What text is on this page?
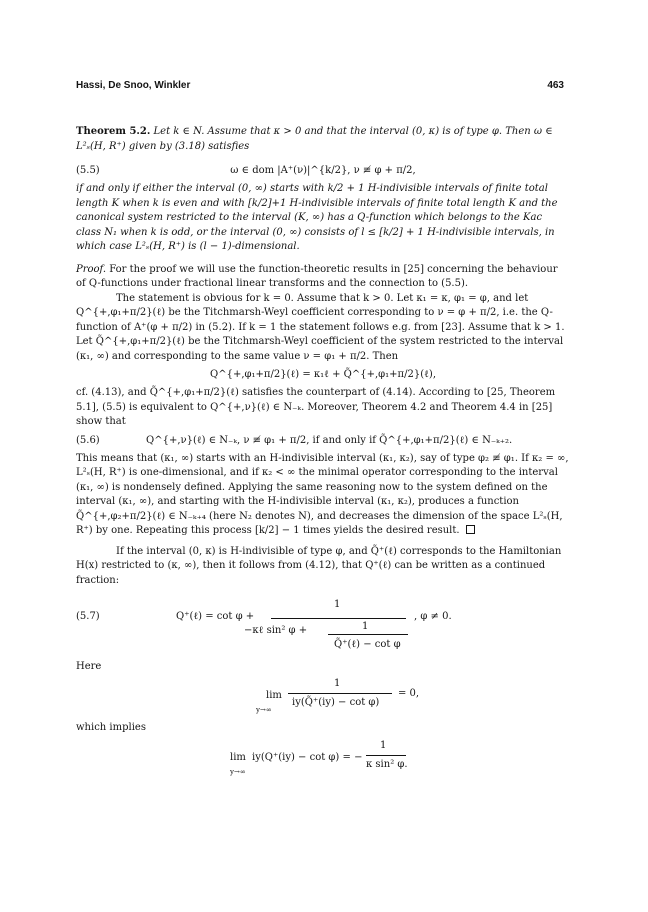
Hassi, De Snoo, Winkler	463

Theorem 5.2. Let k ∈ N. Assume that κ > 0 and that the interval (0, κ) is of type φ. Then ω ∈ L²ₛ(H, R⁺) given by (3.18) satisfies

(5.5)	ω ∈ dom |A⁺(ν)|^{k/2}, ν ≢ φ + π/2,

if and only if either the interval (0, ∞) starts with k/2 + 1 H-indivisible intervals of finite total length K when k is even and with [k/2]+1 H-indivisible intervals of finite total length K and the canonical system restricted to the interval (K, ∞) has a Q-function which belongs to the Kac class N₁ when k is odd, or the interval (0, ∞) consists of l ≤ [k/2] + 1 H-indivisible intervals, in which case L²ₛ(H, R⁺) is (l − 1)-dimensional.

Proof. For the proof we will use the function-theoretic results in [25] concerning the behaviour of Q-functions under fractional linear transforms and the connection to (5.5).

The statement is obvious for k = 0. Assume that k > 0. Let κ₁ = κ, φ₁ = φ, and let Q^{+,φ₁+π/2}(ℓ) be the Titchmarsh-Weyl coefficient corresponding to ν = φ + π/2, i.e. the Q-function of A⁺(φ + π/2) in (5.2). If k = 1 the statement follows e.g. from [23]. Assume that k > 1. Let Q̃^{+,φ₁+π/2}(ℓ) be the Titchmarsh-Weyl coefficient of the system restricted to the interval (κ₁, ∞) and corresponding to the same value ν = φ₁ + π/2. Then

Q^{+,φ₁+π/2}(ℓ) = κ₁ℓ + Q̃^{+,φ₁+π/2}(ℓ),

cf. (4.13), and Q̃^{+,φ₁+π/2}(ℓ) satisfies the counterpart of (4.14). According to [25, Theorem 5.1], (5.5) is equivalent to Q^{+,ν}(ℓ) ∈ N₋ₖ. Moreover, Theorem 4.2 and Theorem 4.4 in [25] show that

(5.6)	Q^{+,ν}(ℓ) ∈ N₋ₖ, ν ≢ φ₁ + π/2, if and only if Q̃^{+,φ₁+π/2}(ℓ) ∈ N₋ₖ₊₂.

This means that (κ₁, ∞) starts with an H-indivisible interval (κ₁, κ₂), say of type φ₂ ≢ φ₁. If κ₂ = ∞, L²ₛ(H, R⁺) is one-dimensional, and if κ₂ < ∞ the minimal operator corresponding to the interval (κ₁, ∞) is nondensely defined. Applying the same reasoning now to the system defined on the interval (κ₁, ∞), and starting with the H-indivisible interval (κ₁, κ₂), produces a function Q̃^{+,φ₂+π/2}(ℓ) ∈ N₋ₖ₊₄ (here N₂ denotes N), and decreases the dimension of the space L²ₛ(H, R⁺) by one. Repeating this process [k/2] − 1 times yields the desired result.

If the interval (0, κ) is H-indivisible of type φ, and Q̃⁺(ℓ) corresponds to the Hamiltonian H(x) restricted to (κ, ∞), then it follows from (4.12), that Q⁺(ℓ) can be written as a continued fraction:

(5.7)	Q⁺(ℓ) = cot φ +
1
−κℓ sin² φ +	1
Q̃⁺(ℓ) − cot φ
, φ ≠ 0.

Here

lim
y→∞
1
iy(Q̃⁺(iy) − cot φ)
= 0,

which implies

lim
y→∞
iy(Q⁺(iy) − cot φ) = −
1
κ sin² φ.
